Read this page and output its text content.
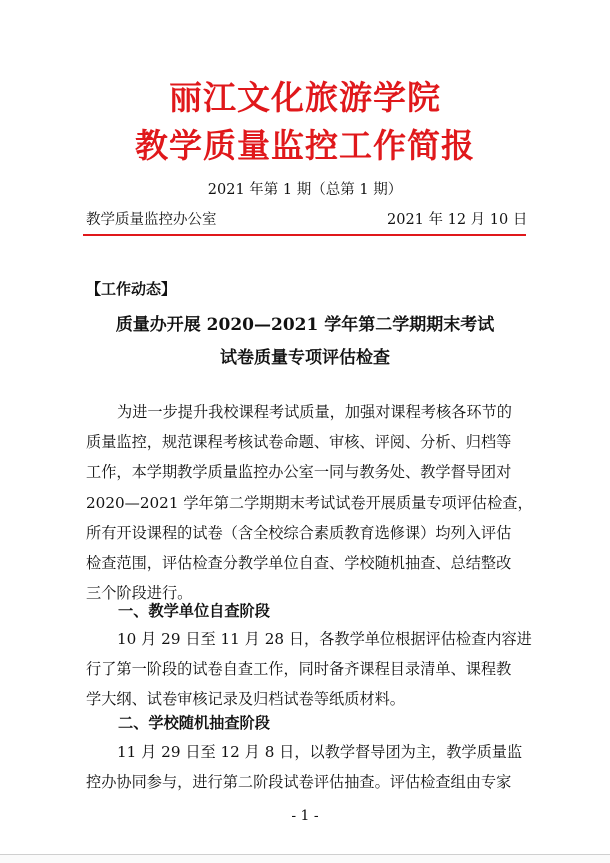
丽江文化旅游学院
教学质量监控工作简报
2021 年第 1 期（总第 1 期）
教学质量监控办公室	2021 年 12 月 10 日
【工作动态】
质量办开展 2020—2021 学年第二学期期末考试
试卷质量专项评估检查
为进一步提升我校课程考试质量，加强对课程考核各环节的
质量监控，规范课程考核试卷命题、审核、评阅、分析、归档等
工作，本学期教学质量监控办公室一同与教务处、教学督导团对
2020—2021 学年第二学期期末考试试卷开展质量专项评估检查，
所有开设课程的试卷（含全校综合素质教育选修课）均列入评估
检查范围，评估检查分教学单位自查、学校随机抽查、总结整改
三个阶段进行。
一、教学单位自查阶段
10 月 29 日至 11 月 28 日，各教学单位根据评估检查内容进
行了第一阶段的试卷自查工作，同时备齐课程目录清单、课程教
学大纲、试卷审核记录及归档试卷等纸质材料。
二、学校随机抽查阶段
11 月 29 日至 12 月 8 日，以教学督导团为主，教学质量监
控办协同参与，进行第二阶段试卷评估抽查。评估检查组由专家
- 1 -
